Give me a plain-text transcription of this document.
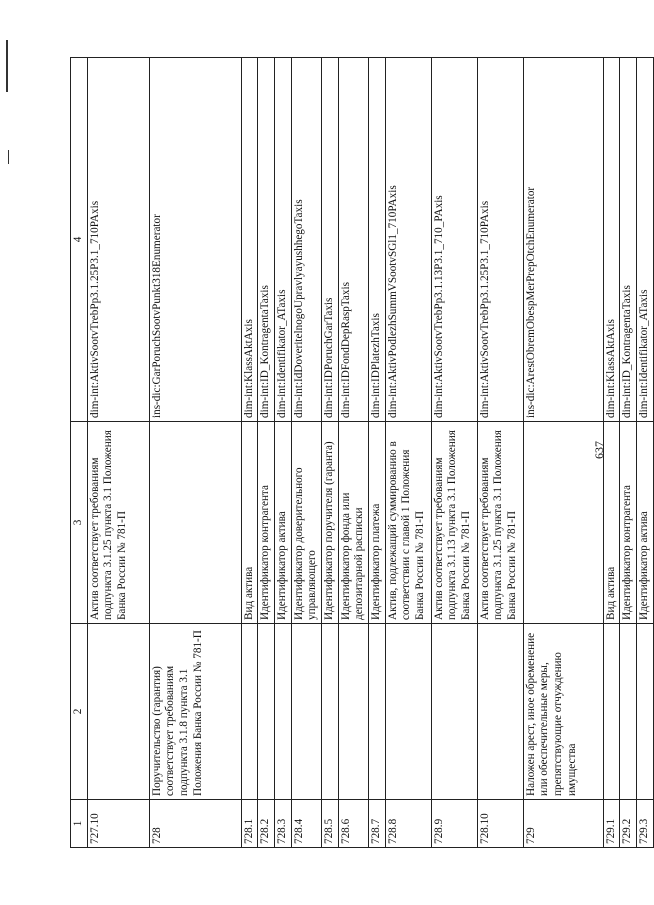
637
1	2	3	4
727.10		Актив соответствует требованиям подпункта 3.1.25 пункта 3.1 Положения Банка России № 781-П	dim-int:AktivSootvTrebPp3.1.25P3.1_710PAxis
728	Поручительство (гарантия) соответствует требованиям подпункта 3.1.8 пункта 3.1 Положения Банка России № 781-П		ins-dic:GarPoruchSootvPunkt318Enumerator
728.1		Вид актива	dim-int:KlassAktAxis
728.2		Идентификатор контрагента	dim-int:ID_KontragentaTaxis
728.3		Идентификатор актива	dim-int:Identifikator_ATaxis
728.4		Идентификатор доверительного управляющего	dim-int:IdDoveritelnogoUpravlyayushhegoTaxis
728.5		Идентификатор поручителя (гаранта)	dim-int:IDPoruchGarTaxis
728.6		Идентификатор фонда или депозитарной расписки	dim-int:IDFondDepRaspTaxis
728.7		Идентификатор платежа	dim-int:IDPlatezhTaxis
728.8		Актив, подлежащий суммированию в соответствии с главой 1 Положения Банка России № 781-П	dim-int:AktivPodlezhSummVSootvSGl1_710PAxis
728.9		Актив соответствует требованиям подпункта 3.1.13 пункта 3.1 Положения Банка России № 781-П	dim-int:AktivSootvTrebPp3.1.13P3.1_710_PAxis
728.10		Актив соответствует требованиям подпункта 3.1.25 пункта 3.1 Положения Банка России № 781-П	dim-int:AktivSootvTrebPp3.1.25P3.1_710PAxis
729	Наложен арест, иное обременение или обеспечительные меры, препятствующие отчуждению имущества		ins-dic:ArestObremObespMerPrepOtchEnumerator
729.1		Вид актива	dim-int:KlassAktAxis
729.2		Идентификатор контрагента	dim-int:ID_KontragentaTaxis
729.3		Идентификатор актива	dim-int:Identifikator_ATaxis
